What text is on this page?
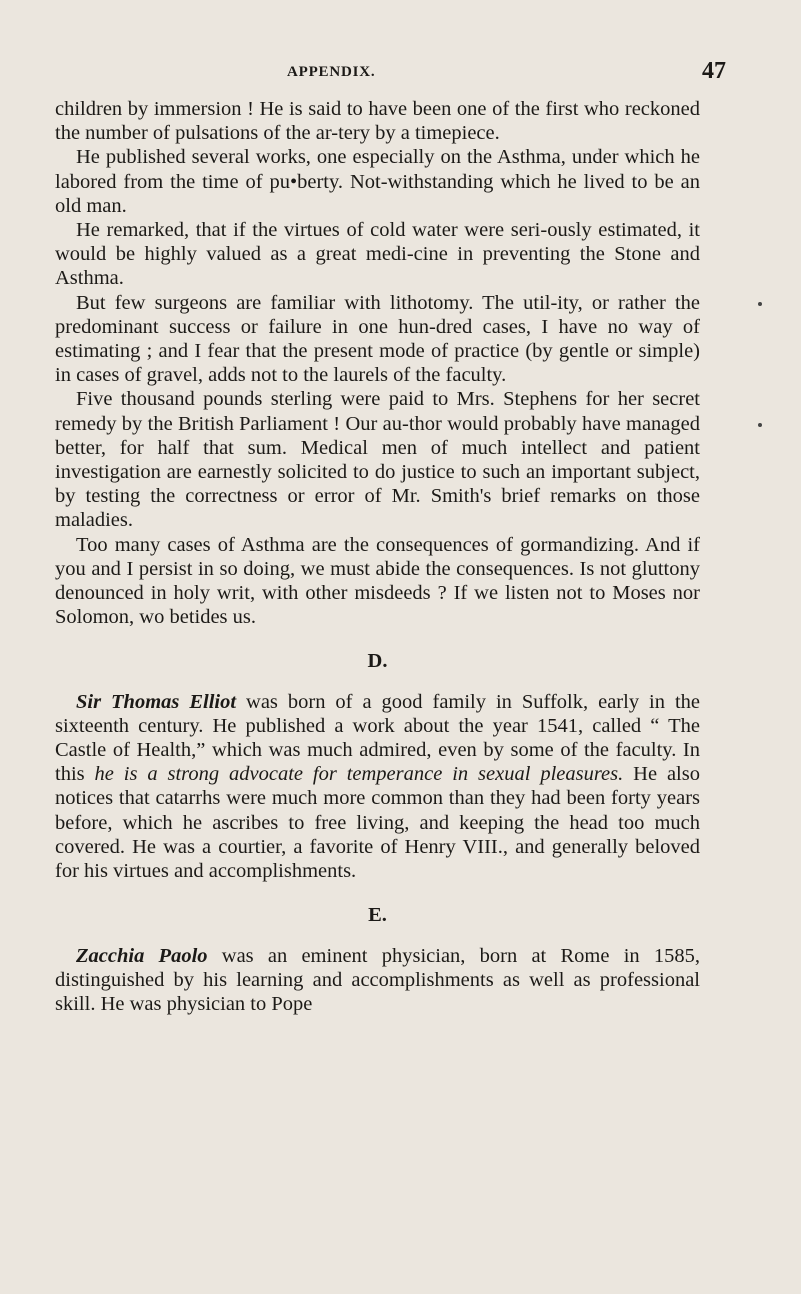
APPENDIX.	47

children by immersion ! He is said to have been one of the first who reckoned the number of pulsations of the ar-tery by a timepiece.

He published several works, one especially on the Asthma, under which he labored from the time of pu•berty. Not-withstanding which he lived to be an old man.

He remarked, that if the virtues of cold water were seri-ously estimated, it would be highly valued as a great medi-cine in preventing the Stone and Asthma.

But few surgeons are familiar with lithotomy. The util-ity, or rather the predominant success or failure in one hun-dred cases, I have no way of estimating ; and I fear that the present mode of practice (by gentle or simple) in cases of gravel, adds not to the laurels of the faculty.

Five thousand pounds sterling were paid to Mrs. Stephens for her secret remedy by the British Parliament ! Our au-thor would probably have managed better, for half that sum. Medical men of much intellect and patient investigation are earnestly solicited to do justice to such an important subject, by testing the correctness or error of Mr. Smith's brief remarks on those maladies.

Too many cases of Asthma are the consequences of gormandizing. And if you and I persist in so doing, we must abide the consequences. Is not gluttony denounced in holy writ, with other misdeeds ? If we listen not to Moses nor Solomon, wo betides us.

D.

Sir Thomas Elliot was born of a good family in Suffolk, early in the sixteenth century. He published a work about the year 1541, called “ The Castle of Health,” which was much admired, even by some of the faculty. In this he is a strong advocate for temperance in sexual pleasures. He also notices that catarrhs were much more common than they had been forty years before, which he ascribes to free living, and keeping the head too much covered. He was a courtier, a favorite of Henry VIII., and generally beloved for his virtues and accomplishments.

E.

Zacchia Paolo was an eminent physician, born at Rome in 1585, distinguished by his learning and accomplishments as well as professional skill. He was physician to Pope
